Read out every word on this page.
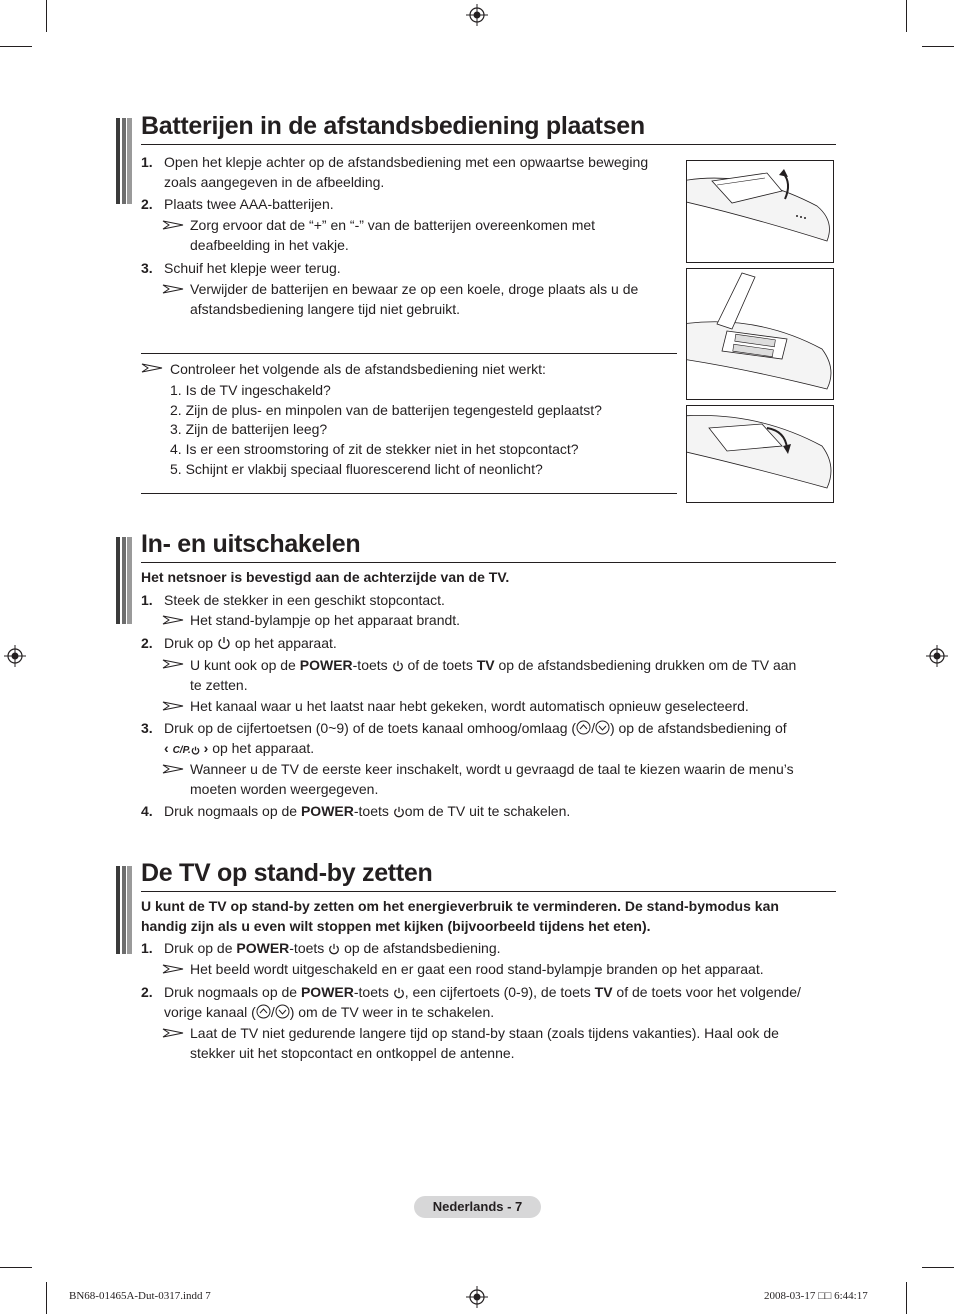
Batterijen in de afstandsbediening plaatsen
1. Open het klepje achter op de afstandsbediening met een opwaartse beweging
zoals aangegeven in de afbeelding.
2. Plaats twee AAA-batterijen.
Zorg ervoor dat de “+” en “-” van de batterijen overeenkomen met
deafbeelding in het vakje.
3. Schuif het klepje weer terug.
Verwijder de batterijen en bewaar ze op een koele, droge plaats als u de
afstandsbediening langere tijd niet gebruikt.
Controleer het volgende als de afstandsbediening niet werkt:
1. Is de TV ingeschakeld?
2. Zijn de plus- en minpolen van de batterijen tegengesteld geplaatst?
3. Zijn de batterijen leeg?
4. Is er een stroomstoring of zit de stekker niet in het stopcontact?
5. Schijnt er vlakbij speciaal fluorescerend licht of neonlicht?
In- en uitschakelen
Het netsnoer is bevestigd aan de achterzijde van de TV.
1. Steek de stekker in een geschikt stopcontact.
Het stand-bylampje op het apparaat brandt.
2. Druk op op het apparaat.
U kunt ook op de POWER-toets of de toets TV op de afstandsbediening drukken om de TV aan
te zetten.
Het kanaal waar u het laatst naar hebt gekeken, wordt automatisch opnieuw geselecteerd.
3. Druk op de cijfertoetsen (0~9) of de toets kanaal omhoog/omlaag ( / ) op de afstandsbediening of
‹ C/P. › op het apparaat.
Wanneer u de TV de eerste keer inschakelt, wordt u gevraagd de taal te kiezen waarin de menu’s
moeten worden weergegeven.
4. Druk nogmaals op de POWER-toets om de TV uit te schakelen.
De TV op stand-by zetten
U kunt de TV op stand-by zetten om het energieverbruik te verminderen. De stand-bymodus kan
handig zijn als u even wilt stoppen met kijken (bijvoorbeeld tijdens het eten).
1. Druk op de POWER-toets op de afstandsbediening.
Het beeld wordt uitgeschakeld en er gaat een rood stand-bylampje branden op het apparaat.
2. Druk nogmaals op de POWER-toets , een cijfertoets (0-9), de toets TV of de toets voor het volgende/
vorige kanaal ( / ) om de TV weer in te schakelen.
Laat de TV niet gedurende langere tijd op stand-by staan (zoals tijdens vakanties). Haal ook de
stekker uit het stopcontact en ontkoppel de antenne.
Nederlands - 7
BN68-01465A-Dut-0317.indd 7	2008-03-17 □□ 6:44:17
